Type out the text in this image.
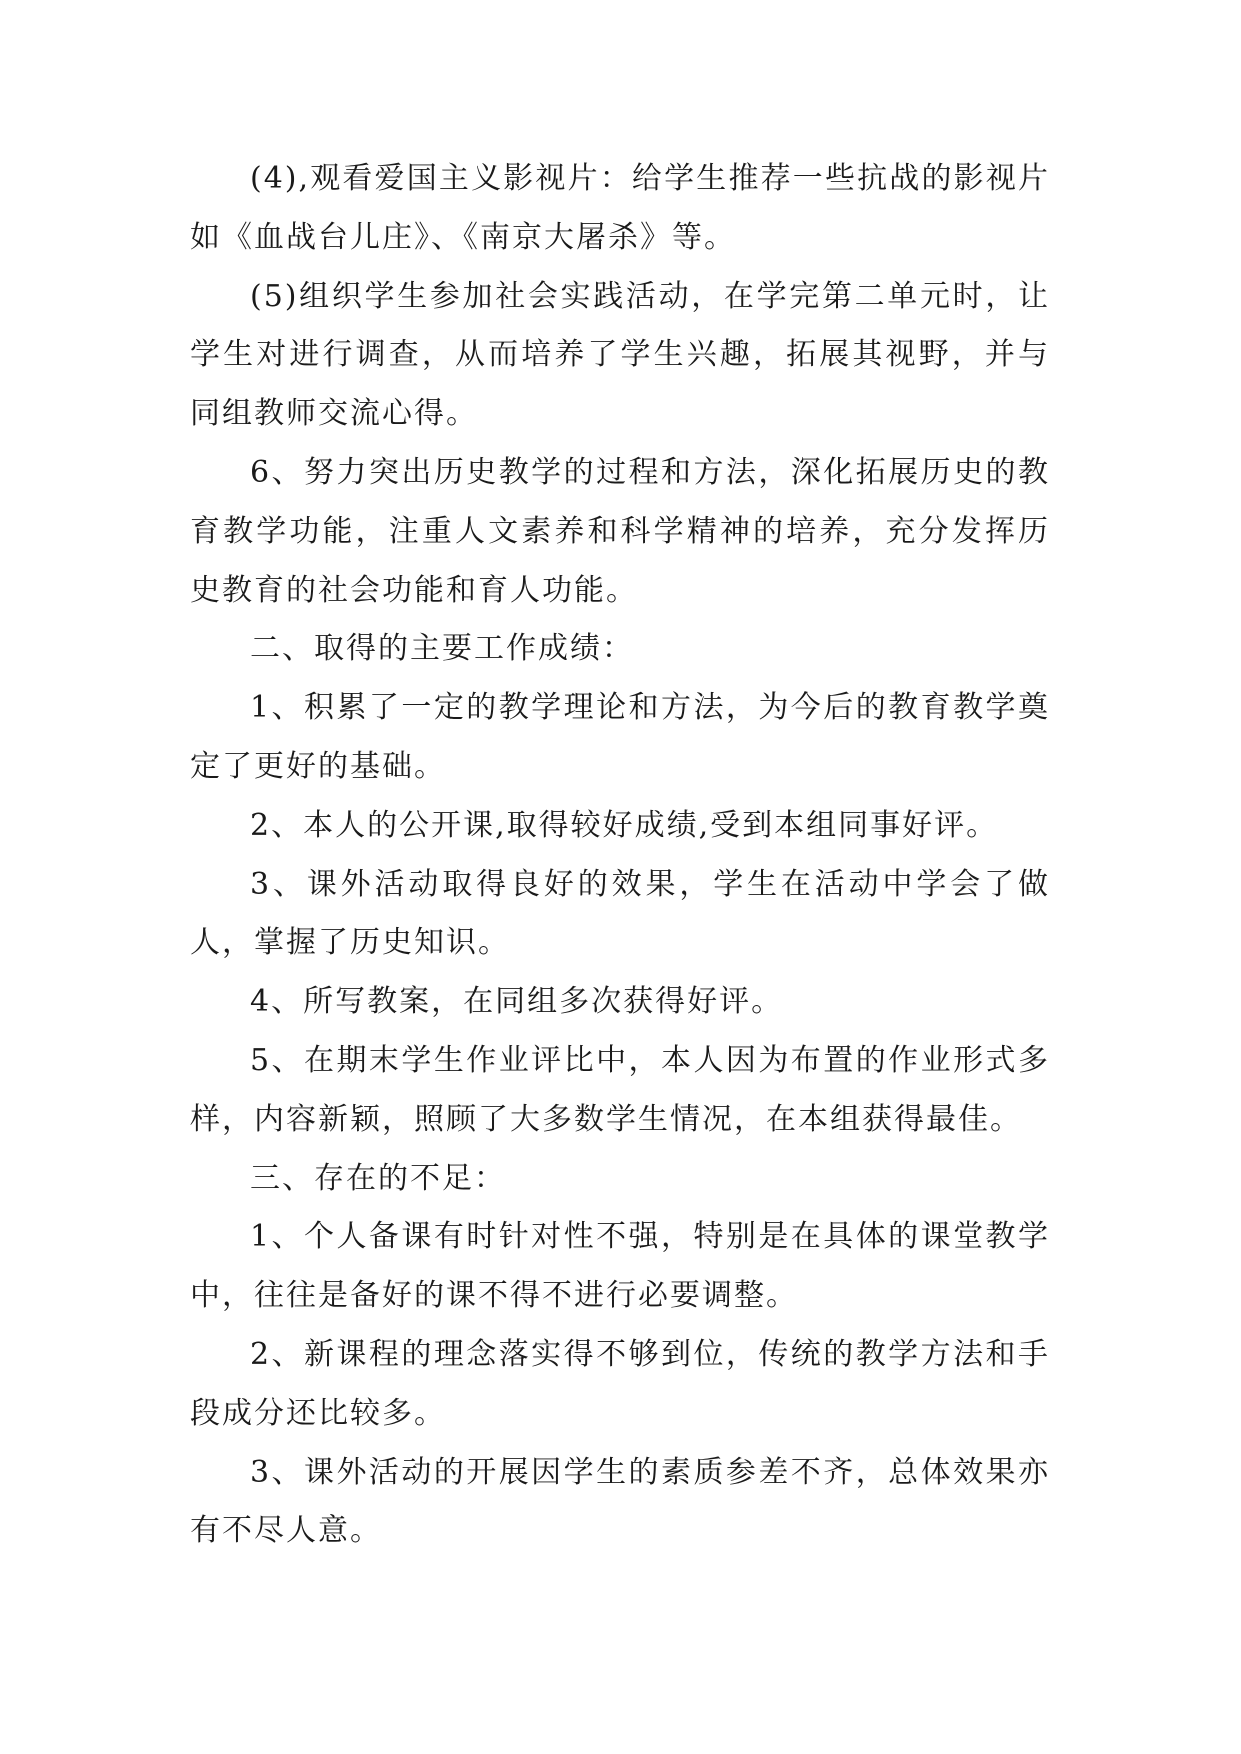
(4),观看爱国主义影视片：给学生推荐一些抗战的影视片如《血战台儿庄》、《南京大屠杀》等。

(5)组织学生参加社会实践活动，在学完第二单元时，让学生对进行调查，从而培养了学生兴趣，拓展其视野，并与同组教师交流心得。

6、努力突出历史教学的过程和方法，深化拓展历史的教育教学功能，注重人文素养和科学精神的培养，充分发挥历史教育的社会功能和育人功能。

二、取得的主要工作成绩：

1、积累了一定的教学理论和方法，为今后的教育教学奠定了更好的基础。

2、本人的公开课,取得较好成绩,受到本组同事好评。

3、课外活动取得良好的效果，学生在活动中学会了做人，掌握了历史知识。

4、所写教案，在同组多次获得好评。

5、在期末学生作业评比中，本人因为布置的作业形式多样，内容新颖，照顾了大多数学生情况，在本组获得最佳。

三、存在的不足：

1、个人备课有时针对性不强，特别是在具体的课堂教学中，往往是备好的课不得不进行必要调整。

2、新课程的理念落实得不够到位，传统的教学方法和手段成分还比较多。

3、课外活动的开展因学生的素质参差不齐，总体效果亦有不尽人意。
